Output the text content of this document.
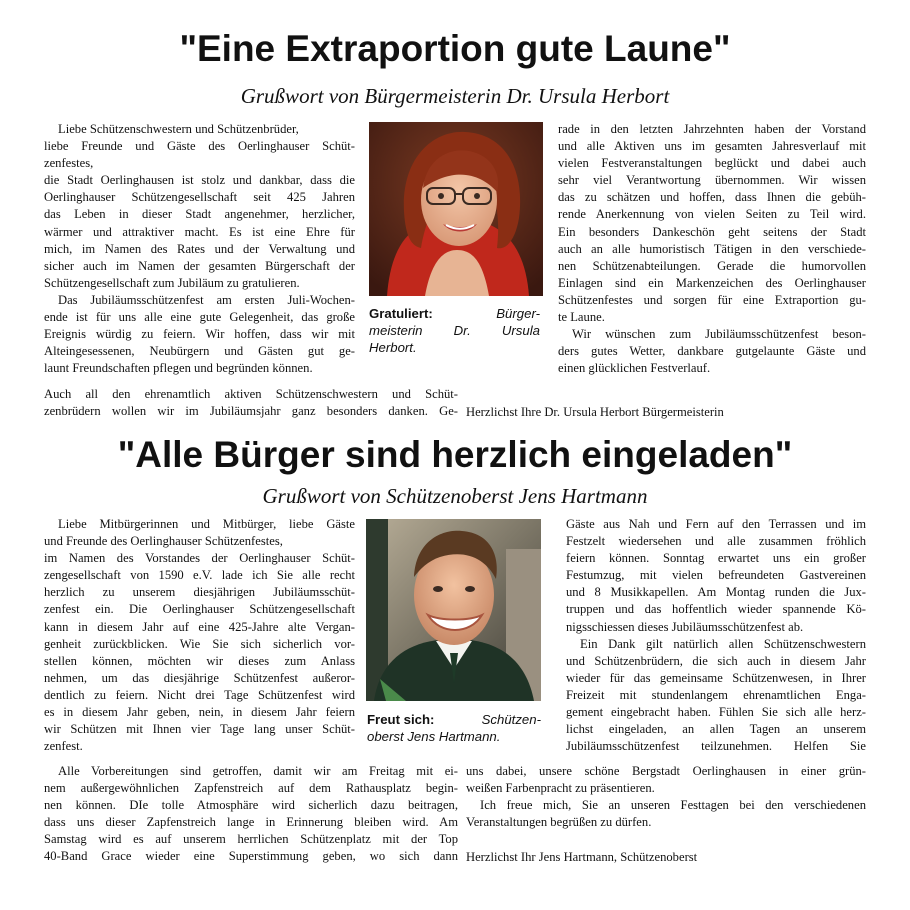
"Eine Extraportion gute Laune"
Grußwort von Bürgermeisterin Dr. Ursula Herbort
Liebe Schützenschwestern und Schützenbrüder,
liebe Freunde und Gäste des Oerlinghauser Schüt-
zenfestes,
die Stadt Oerlinghausen ist stolz und dankbar, dass die
Oerlinghauser Schützengesellschaft seit 425 Jahren
das Leben in dieser Stadt angenehmer, herzlicher,
wärmer und attraktiver macht. Es ist eine Ehre für
mich, im Namen des Rates und der Verwaltung und
sicher auch im Namen der gesamten Bürgerschaft der
Schützengesellschaft zum Jubiläum zu gratulieren.
Das Jubiläumsschützenfest am ersten Juli-Wochen-
ende ist für uns alle eine gute Gelegenheit, das große
Ereignis würdig zu feiern. Wir hoffen, dass wir mit
Alteingesessenen, Neubürgern und Gästen gut ge-
launt Freundschaften pflegen und begründen können.
Auch all den ehrenamtlich aktiven Schützenschwestern und Schüt-
zenbrüdern wollen wir im Jubiläumsjahr ganz besonders danken. Ge-
rade in den letzten Jahrzehnten haben der Vorstand
und alle Aktiven uns im gesamten Jahresverlauf mit
vielen Festveranstaltungen beglückt und dabei auch
sehr viel Verantwortung übernommen. Wir wissen
das zu schätzen und hoffen, dass Ihnen die gebüh-
rende Anerkennung von vielen Seiten zu Teil wird.
Ein besonders Dankeschön geht seitens der Stadt
auch an alle humoristisch Tätigen in den verschiede-
nen Schützenabteilungen. Gerade die humorvollen
Einlagen sind ein Markenzeichen des Oerlinghauser
Schützenfestes und sorgen für eine Extraportion gu-
te Laune.
Wir wünschen zum Jubiläumsschützenfest beson-
ders gutes Wetter, dankbare gutgelaunte Gäste und
einen glücklichen Festverlauf.
Herzlichst Ihre Dr. Ursula Herbort Bürgermeisterin
Gratuliert:	Bürger-
meisterin Dr. Ursula
Herbort.
"Alle Bürger sind herzlich eingeladen"
Grußwort von Schützenoberst Jens Hartmann
Liebe Mitbürgerinnen und Mitbürger, liebe Gäste
und Freunde des Oerlinghauser Schützenfestes,
im Namen des Vorstandes der Oerlinghauser Schüt-
zengesellschaft von 1590 e.V. lade ich Sie alle recht
herzlich zu unserem diesjährigen Jubiläumsschüt-
zenfest ein. Die Oerlinghauser Schützengesellschaft
kann in diesem Jahr auf eine 425-Jahre alte Vergan-
genheit zurückblicken. Wie Sie sich sicherlich vor-
stellen können, möchten wir dieses zum Anlass
nehmen, um das diesjährige Schützenfest außeror-
dentlich zu feiern. Nicht drei Tage Schützenfest wird
es in diesem Jahr geben, nein, in diesem Jahr feiern
wir Schützen mit Ihnen vier Tage lang unser Schüt-
zenfest.
Alle Vorbereitungen sind getroffen, damit wir am Freitag mit ei-
nem außergewöhnlichen Zapfenstreich auf dem Rathausplatz begin-
nen können. DIe tolle Atmosphäre wird sicherlich dazu beitragen,
dass uns dieser Zapfenstreich lange in Erinnerung bleiben wird. Am
Samstag wird es auf unserem herrlichen Schützenplatz mit der Top
40-Band Grace wieder eine Superstimmung geben, wo sich dann
Gäste aus Nah und Fern auf den Terrassen und im
Festzelt wiedersehen und alle zusammen fröhlich
feiern können. Sonntag erwartet uns ein großer
Festumzug, mit vielen befreundeten Gastvereinen
und 8 Musikkapellen. Am Montag runden die Jux-
truppen und das hoffentlich wieder spannende Kö-
nigsschiessen dieses Jubiläumsschützenfest ab.
Ein Dank gilt natürlich allen Schützenschwestern
und Schützenbrüdern, die sich auch in diesem Jahr
wieder für das gemeinsame Schützenwesen, in Ihrer
Freizeit mit stundenlangem ehrenamtlichen Enga-
gement eingebracht haben. Fühlen Sie sich alle herz-
lichst eingeladen, an allen Tagen an unserem
Jubiläumsschützenfest teilzunehmen. Helfen Sie
uns dabei, unsere schöne Bergstadt Oerlinghausen in einer grün-
weißen Farbenpracht zu präsentieren.
Ich freue mich, Sie an unseren Festtagen bei den verschiedenen
Veranstaltungen begrüßen zu dürfen.
Herzlichst Ihr Jens Hartmann, Schützenoberst
Freut sich:	Schützen-
oberst Jens Hartmann.
